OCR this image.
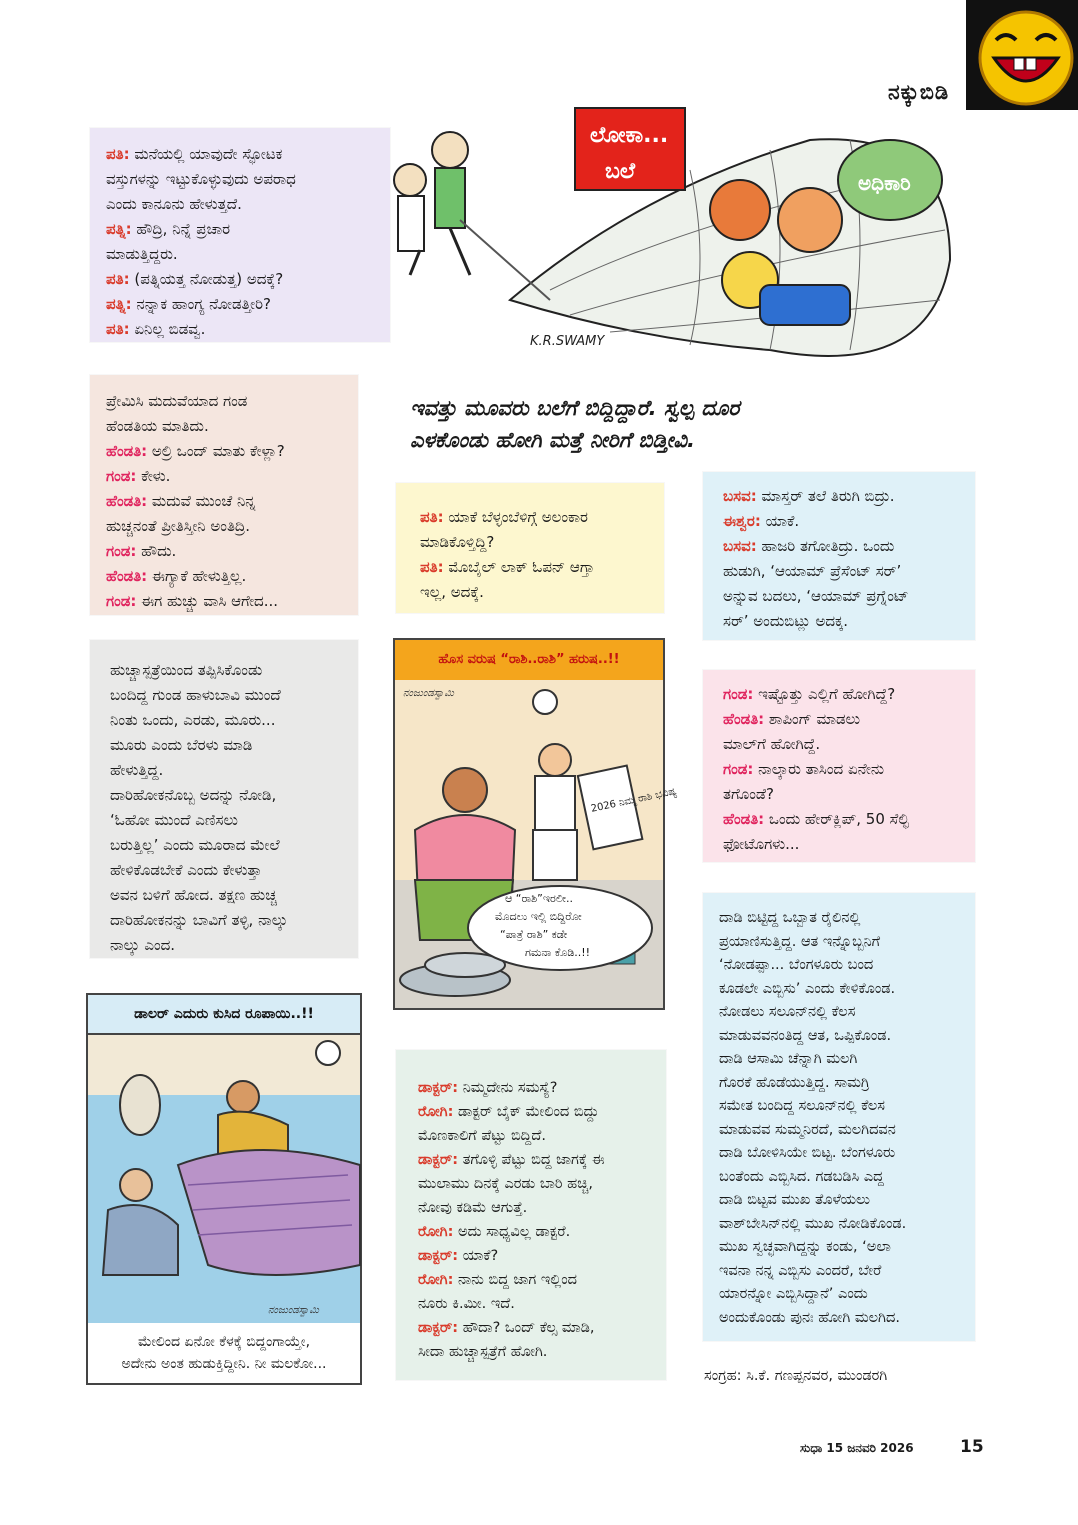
ನಕ್ಕುಬಿಡಿ
ಪತಿ: ಮನೆಯಲ್ಲಿ ಯಾವುದೇ ಸ್ಫೋಟಕ
ವಸ್ತುಗಳನ್ನು ಇಟ್ಟುಕೊಳ್ಳುವುದು ಅಪರಾಧ
ಎಂದು ಕಾನೂನು ಹೇಳುತ್ತದೆ.
ಪತ್ನಿ: ಹೌದ್ರಿ, ನಿನ್ನೆ ಪ್ರಚಾರ
ಮಾಡುತ್ತಿದ್ದರು.
ಪತಿ: (ಪತ್ನಿಯತ್ತ ನೋಡುತ್ತ) ಅದಕ್ಕೆ?
ಪತ್ನಿ: ನನ್ನಾಕ ಹಾಂಗ್ಯ ನೋಡತ್ತೀರಿ?
ಪತಿ: ಏನಿಲ್ಲ ಬಿಡವ್ವ.
ಅಧಿಕಾರಿ
ಲೋಕಾ...
ಬಲೆ
K.R.SWAMY
ಇವತ್ತು ಮೂವರು ಬಲೆಗೆ ಬಿದ್ದಿದ್ದಾರೆ. ಸ್ವಲ್ಪ ದೂರ
ಎಳಕೊಂಡು ಹೋಗಿ ಮತ್ತೆ ನೀರಿಗೆ ಬಿಡ್ತೀವಿ.
ಪ್ರೇಮಿಸಿ ಮದುವೆಯಾದ ಗಂಡ
ಹೆಂಡತಿಯ ಮಾತಿದು.
ಹೆಂಡತಿ: ಅಲ್ರಿ ಒಂದ್ ಮಾತು ಕೇಳ್ಲಾ?
ಗಂಡ: ಕೇಳು.
ಹೆಂಡತಿ: ಮದುವೆ ಮುಂಚೆ ನಿನ್ನ
ಹುಚ್ಚನಂತೆ ಪ್ರೀತಿಸ್ತೀನಿ ಅಂತಿದ್ರಿ.
ಗಂಡ: ಹೌದು.
ಹೆಂಡತಿ: ಈಗ್ಯಾಕೆ ಹೇಳುತ್ತಿಲ್ಲ.
ಗಂಡ: ಈಗ ಹುಚ್ಚು ವಾಸಿ ಆಗೇದ...
ಪತಿ: ಯಾಕೆ ಬೆಳ್ಳಂಬೆಳಿಗ್ಗೆ ಅಲಂಕಾರ
ಮಾಡಿಕೊಳ್ತಿದ್ದಿ?
ಪತಿ: ಮೊಬೈಲ್ ಲಾಕ್ ಓಪನ್ ಆಗ್ತಾ
ಇಲ್ಲ, ಅದಕ್ಕೆ.
ಬಸವ: ಮಾಸ್ತರ್ ತಲೆ ತಿರುಗಿ ಬಿದ್ರು.
ಈಶ್ವರ: ಯಾಕೆ.
ಬಸವ: ಹಾಜರಿ ತಗೋತಿದ್ರು. ಒಂದು
ಹುಡುಗಿ, ‘ಆಯಾಮ್ ಪ್ರೆಸೆಂಟ್ ಸರ್’
ಅನ್ನುವ ಬದಲು, ‘ಆಯಾಮ್ ಪ್ರಗ್ನೆಂಟ್
ಸರ್’ ಅಂದುಬಿಟ್ಲು ಅದಕ್ಕ.
ಹುಚ್ಚಾಸ್ಪತ್ರೆಯಿಂದ ತಪ್ಪಿಸಿಕೊಂಡು
ಬಂದಿದ್ದ ಗುಂಡ ಹಾಳುಬಾವಿ ಮುಂದೆ
ನಿಂತು ಒಂದು, ಎರಡು, ಮೂರು...
ಮೂರು ಎಂದು ಬೆರಳು ಮಾಡಿ
ಹೇಳುತ್ತಿದ್ದ.
ದಾರಿಹೋಕನೊಬ್ಬ ಅದನ್ನು ನೋಡಿ,
‘ಓಹೋ ಮುಂದೆ ಎಣಿಸಲು
ಬರುತ್ತಿಲ್ಲ’ ಎಂದು ಮೂರಾದ ಮೇಲೆ
ಹೇಳಿಕೊಡಬೇಕೆ ಎಂದು ಕೇಳುತ್ತಾ
ಅವನ ಬಳಿಗೆ ಹೋದ. ತಕ್ಷಣ ಹುಚ್ಚ
ದಾರಿಹೋಕನನ್ನು ಬಾವಿಗೆ ತಳ್ಳಿ, ನಾಲ್ಕು
ನಾಲ್ಕು ಎಂದ.
ಹೊಸ ವರುಷ “ರಾಶಿ..ರಾಶಿ” ಹರುಷ..!!
2026 ನಿಮ್ಮ ರಾಶಿ ಭವಿಷ್ಯ
ಆ “ರಾಶಿ”ಇರಲೀ..
ಮೊದಲು ಇಲ್ಲಿ ಬಿದ್ದಿರೋ
“ಪಾತ್ರೆ ರಾಶಿ” ಕಡೇ
ಗಮನಾ ಕೊಡಿ..!!
ನಂಜುಂಡಸ್ವಾಮಿ	ಗಂಡ: ಇಷ್ಟೊತ್ತು ಎಲ್ಲಿಗೆ ಹೋಗಿದ್ದೆ?
ಹೆಂಡತಿ: ಶಾಪಿಂಗ್ ಮಾಡಲು
ಮಾಲ್‌ಗೆ ಹೋಗಿದ್ದೆ.
ಗಂಡ: ನಾಲ್ಕಾರು ತಾಸಿಂದ ಏನೇನು
ತಗೊಂಡೆ?
ಹೆಂಡತಿ: ಒಂದು ಹೇರ್‌ಕ್ಲಿಪ್, 50 ಸೆಲ್ಫಿ
ಫೋಟೊಗಳು...
ದಾಡಿ ಬಿಟ್ಟಿದ್ದ ಒಬ್ಬಾತ ರೈಲಿನಲ್ಲಿ
ಪ್ರಯಾಣಿಸುತ್ತಿದ್ದ. ಆತ ಇನ್ನೊಬ್ಬನಿಗೆ
‘ನೋಡಪ್ಪಾ... ಬೆಂಗಳೂರು ಬಂದ
ಕೂಡಲೇ ಎಬ್ಬಿಸು’ ಎಂದು ಕೇಳಿಕೊಂಡ.
ನೋಡಲು ಸಲೂನ್‌ನಲ್ಲಿ ಕೆಲಸ
ಮಾಡುವವನಂತಿದ್ದ ಆತ, ಒಪ್ಪಿಕೊಂಡ.
ದಾಡಿ ಆಸಾಮಿ ಚೆನ್ನಾಗಿ ಮಲಗಿ
ಗೊರಕೆ ಹೊಡೆಯುತ್ತಿದ್ದ. ಸಾಮಗ್ರಿ
ಸಮೇತ ಬಂದಿದ್ದ ಸಲೂನ್‌ನಲ್ಲಿ ಕೆಲಸ
ಮಾಡುವವ ಸುಮ್ಮನಿರದೆ, ಮಲಗಿದವನ
ದಾಡಿ ಬೋಳಿಸಿಯೇ ಬಿಟ್ಟ. ಬೆಂಗಳೂರು
ಬಂತೆಂದು ಎಬ್ಬಿಸಿದ. ಗಡಬಡಿಸಿ ಎದ್ದ
ದಾಡಿ ಬಿಟ್ಟವ ಮುಖ ತೊಳೆಯಲು
ವಾಶ್‌ಬೇಸಿನ್‌ನಲ್ಲಿ ಮುಖ ನೋಡಿಕೊಂಡ.
ಮುಖ ಸ್ವಚ್ಛವಾಗಿದ್ದನ್ನು ಕಂಡು, ‘ಅಲಾ
ಇವನಾ ನನ್ನ ಎಬ್ಬಿಸು ಎಂದರೆ, ಬೇರೆ
ಯಾರನ್ನೋ ಎಬ್ಬಿಸಿದ್ದಾನೆ’ ಎಂದು
ಅಂದುಕೊಂಡು ಪುನಃ ಹೋಗಿ ಮಲಗಿದ.
ಡಾಲರ್ ಎದುರು ಕುಸಿದ ರೂಪಾಯಿ..!!
ನಂಜುಂಡಸ್ವಾಮಿ
ಮೇಲಿಂದ ಏನೋ ಕೆಳಕ್ಕೆ ಬಿದ್ದಂಗಾಯ್ತೇ,
ಅದೇನು ಅಂತ ಹುಡುಕ್ತಿದ್ದೀನಿ. ನೀ ಮಲಕೋ...
ಡಾಕ್ಟರ್: ನಿಮ್ಮದೇನು ಸಮಸ್ಯೆ?
ರೋಗಿ: ಡಾಕ್ಟರ್ ಬೈಕ್ ಮೇಲಿಂದ ಬಿದ್ದು
ಮೊಣಕಾಲಿಗೆ ಪೆಟ್ಟು ಬಿದ್ದಿದೆ.
ಡಾಕ್ಟರ್: ತಗೊಳ್ಳಿ ಪೆಟ್ಟು ಬಿದ್ದ ಜಾಗಕ್ಕೆ ಈ
ಮುಲಾಮು ದಿನಕ್ಕೆ ಎರಡು ಬಾರಿ ಹಚ್ಚಿ,
ನೋವು ಕಡಿಮೆ ಆಗುತ್ತೆ.
ರೋಗಿ: ಅದು ಸಾಧ್ಯವಿಲ್ಲ ಡಾಕ್ಟರೆ.
ಡಾಕ್ಟರ್: ಯಾಕೆ?
ರೋಗಿ: ನಾನು ಬಿದ್ದ ಜಾಗ ಇಲ್ಲಿಂದ
ನೂರು ಕಿ.ಮೀ. ಇದೆ.
ಡಾಕ್ಟರ್: ಹೌದಾ? ಒಂದ್ ಕೆಲ್ಸ ಮಾಡಿ,
ಸೀದಾ ಹುಚ್ಚಾಸ್ಪತ್ರೆಗೆ ಹೋಗಿ.
ಸಂಗ್ರಹ: ಸಿ.ಕೆ. ಗಣಪ್ಪನವರ, ಮುಂಡರಗಿ
ಸುಧಾ 15 ಜನವರಿ 2026	15
